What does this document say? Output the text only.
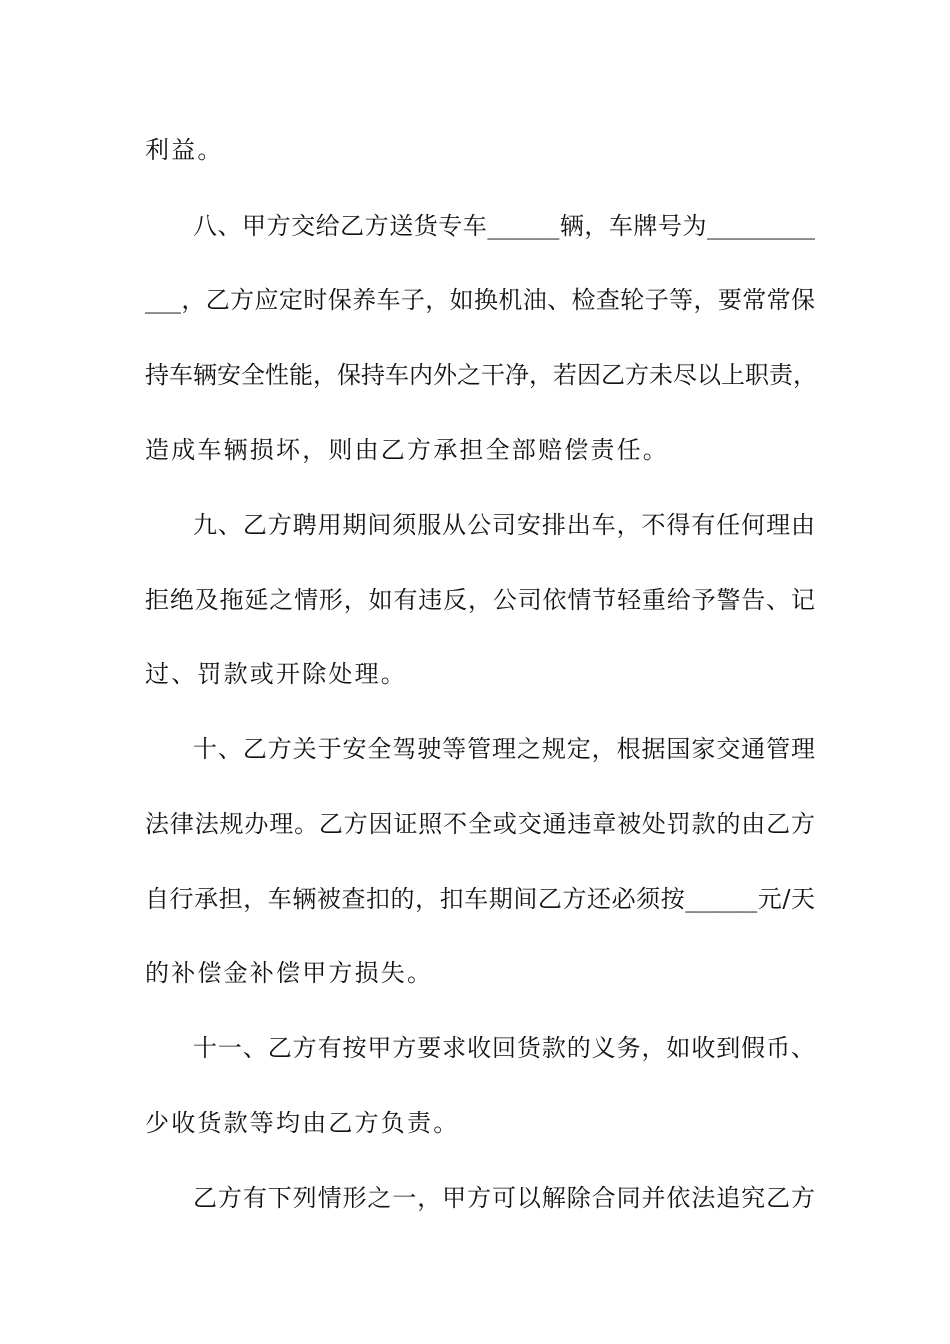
利益。
八、甲方交给乙方送货专车______辆，车牌号为_________
___，乙方应定时保养车子，如换机油、检查轮子等，要常常保
持车辆安全性能，保持车内外之干净，若因乙方未尽以上职责，
造成车辆损坏，则由乙方承担全部赔偿责任。
九、乙方聘用期间须服从公司安排出车，不得有任何理由
拒绝及拖延之情形，如有违反，公司依情节轻重给予警告、记
过、罚款或开除处理。
十、乙方关于安全驾驶等管理之规定，根据国家交通管理
法律法规办理。乙方因证照不全或交通违章被处罚款的由乙方
自行承担，车辆被查扣的，扣车期间乙方还必须按______元/天
的补偿金补偿甲方损失。
十一、乙方有按甲方要求收回货款的义务，如收到假币、
少收货款等均由乙方负责。
乙方有下列情形之一，甲方可以解除合同并依法追究乙方
